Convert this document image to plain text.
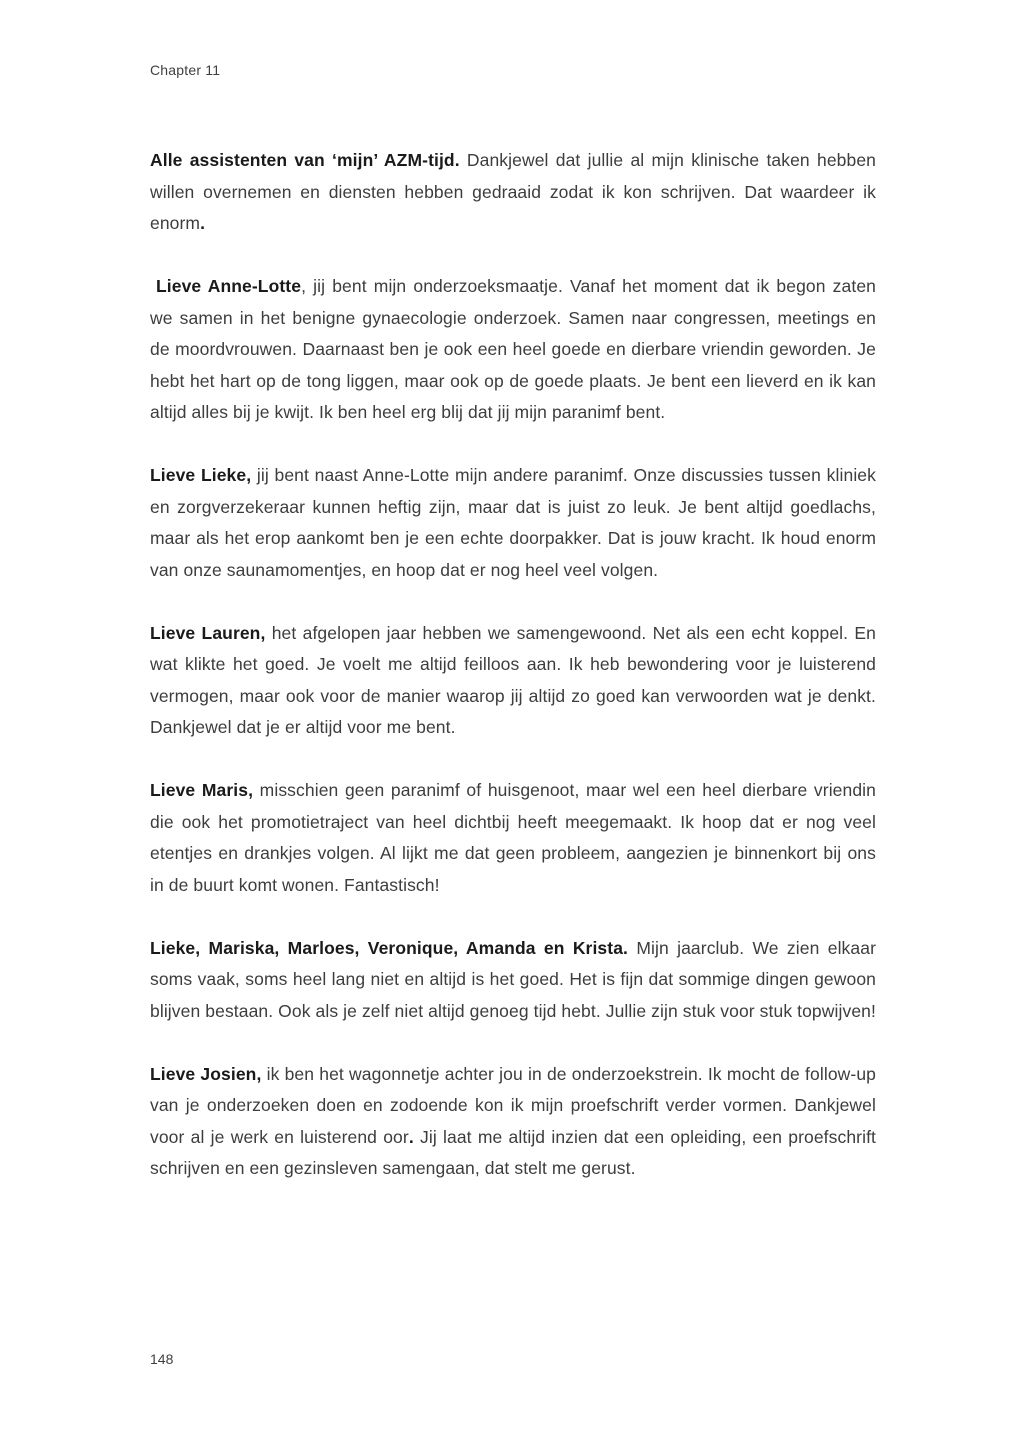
Chapter 11

Alle assistenten van ‘mijn’ AZM-tijd. Dankjewel dat jullie al mijn klinische taken hebben willen overnemen en diensten hebben gedraaid zodat ik kon schrijven. Dat waardeer ik enorm.

Lieve Anne-Lotte, jij bent mijn onderzoeksmaatje. Vanaf het moment dat ik begon zaten we samen in het benigne gynaecologie onderzoek. Samen naar congressen, meetings en de moordvrouwen. Daarnaast ben je ook een heel goede en dierbare vriendin geworden. Je hebt het hart op de tong liggen, maar ook op de goede plaats. Je bent een lieverd en ik kan altijd alles bij je kwijt. Ik ben heel erg blij dat jij mijn paranimf bent.

Lieve Lieke, jij bent naast Anne-Lotte mijn andere paranimf. Onze discussies tussen kliniek en zorgverzekeraar kunnen heftig zijn, maar dat is juist zo leuk. Je bent altijd goedlachs, maar als het erop aankomt ben je een echte doorpakker. Dat is jouw kracht. Ik houd enorm van onze saunamomentjes, en hoop dat er nog heel veel volgen.

Lieve Lauren, het afgelopen jaar hebben we samengewoond. Net als een echt koppel. En wat klikte het goed. Je voelt me altijd feilloos aan. Ik heb bewondering voor je luisterend vermogen, maar ook voor de manier waarop jij altijd zo goed kan verwoorden wat je denkt. Dankjewel dat je er altijd voor me bent.

Lieve Maris, misschien geen paranimf of huisgenoot, maar wel een heel dierbare vriendin die ook het promotietraject van heel dichtbij heeft meegemaakt. Ik hoop dat er nog veel etentjes en drankjes volgen. Al lijkt me dat geen probleem, aangezien je binnenkort bij ons in de buurt komt wonen. Fantastisch!

Lieke, Mariska, Marloes, Veronique, Amanda en Krista. Mijn jaarclub. We zien elkaar soms vaak, soms heel lang niet en altijd is het goed. Het is fijn dat sommige dingen gewoon blijven bestaan. Ook als je zelf niet altijd genoeg tijd hebt. Jullie zijn stuk voor stuk topwijven!

Lieve Josien, ik ben het wagonnetje achter jou in de onderzoekstrein. Ik mocht de follow-up van je onderzoeken doen en zodoende kon ik mijn proefschrift verder vormen. Dankjewel voor al je werk en luisterend oor. Jij laat me altijd inzien dat een opleiding, een proefschrift schrijven en een gezinsleven samengaan, dat stelt me gerust.

148
